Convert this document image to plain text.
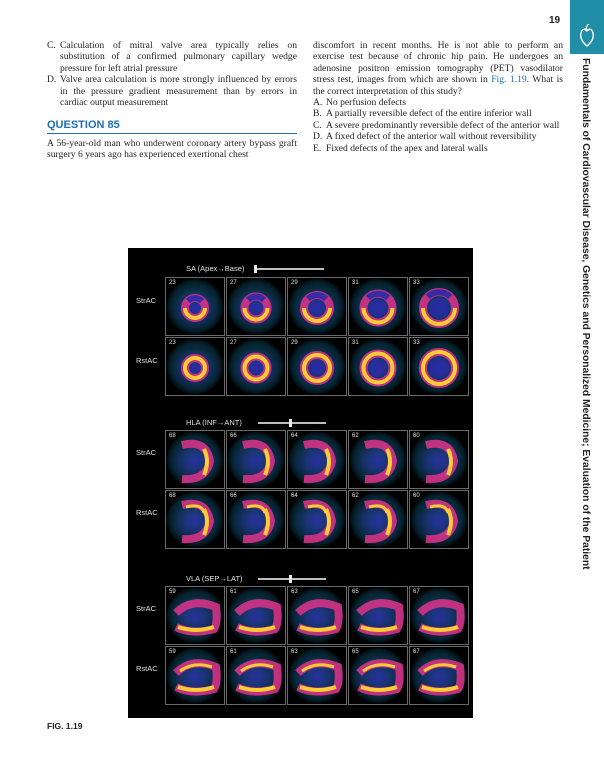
19
Fundamentals of Cardiovascular Disease, Genetics and Personalized Medicine; Evaluation of the Patient

C. Calculation of mitral valve area typically relies on substitution of a confirmed pulmonary capillary wedge pressure for left atrial pressure

D. Valve area calculation is more strongly influenced by errors in the pressure gradient measurement than by errors in cardiac output measurement

QUESTION 85

A 56-year-old man who underwent coronary artery bypass graft surgery 6 years ago has experienced exertional chest

discomfort in recent months. He is not able to perform an exercise test because of chronic hip pain. He undergoes an adenosine positron emission tomography (PET) vasodilator stress test, images from which are shown in Fig. 1.19. What is the correct interpretation of this study?

A. No perfusion defects

B. A partially reversible defect of the entire inferior wall

C. A severe predominantly reversible defect of the anterior wall

D. A fixed defect of the anterior wall without reversibility

E. Fixed defects of the apex and lateral walls

SA (Apex→Base)
StrAC
RstAC
23	27	29	31	33
23	27	29	31	33
HLA (INF→ANT)
StrAC
RstAC
68	66	64	62	60
68	66	64	62	60
VLA (SEP→LAT)
StrAC
RstAC
59	61	63	65	67
59	61	63	65	67
FIG. 1.19
